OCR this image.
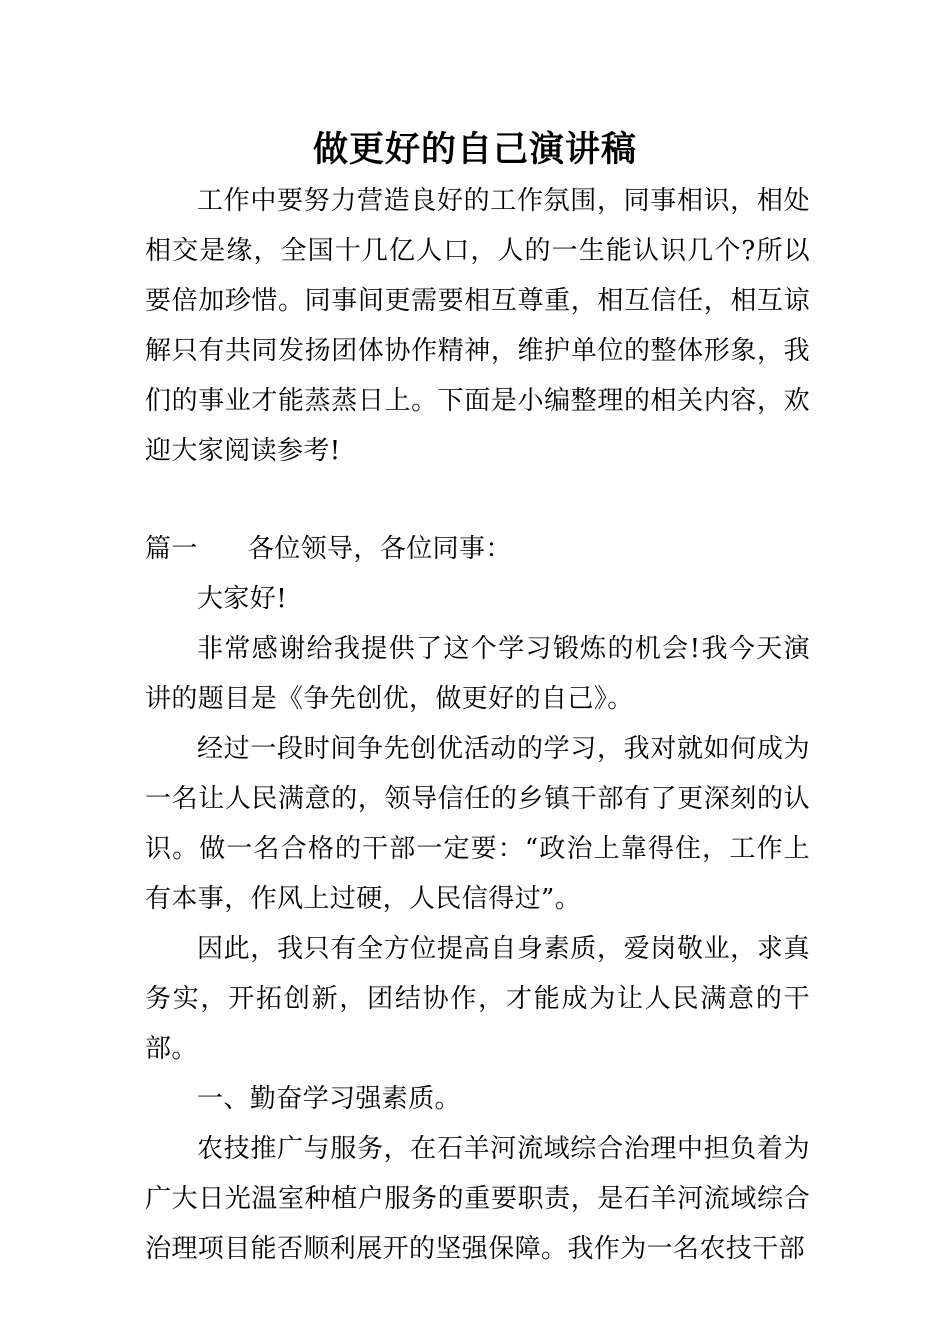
做更好的自己演讲稿

工作中要努力营造良好的工作氛围，同事相识，相处相交是缘，全国十几亿人口，人的一生能认识几个?所以要倍加珍惜。同事间更需要相互尊重，相互信任，相互谅解只有共同发扬团体协作精神，维护单位的整体形象，我们的事业才能蒸蒸日上。下面是小编整理的相关内容，欢迎大家阅读参考!

篇一 各位领导，各位同事：

大家好!

非常感谢给我提供了这个学习锻炼的机会!我今天演讲的题目是《争先创优，做更好的自己》。

经过一段时间争先创优活动的学习，我对就如何成为一名让人民满意的，领导信任的乡镇干部有了更深刻的认识。做一名合格的干部一定要：“政治上靠得住，工作上有本事，作风上过硬，人民信得过”。

因此，我只有全方位提高自身素质，爱岗敬业，求真务实，开拓创新，团结协作，才能成为让人民满意的干部。

一、勤奋学习强素质。

农技推广与服务，在石羊河流域综合治理中担负着为广大日光温室种植户服务的重要职责，是石羊河流域综合治理项目能否顺利展开的坚强保障。我作为一名农技干部
